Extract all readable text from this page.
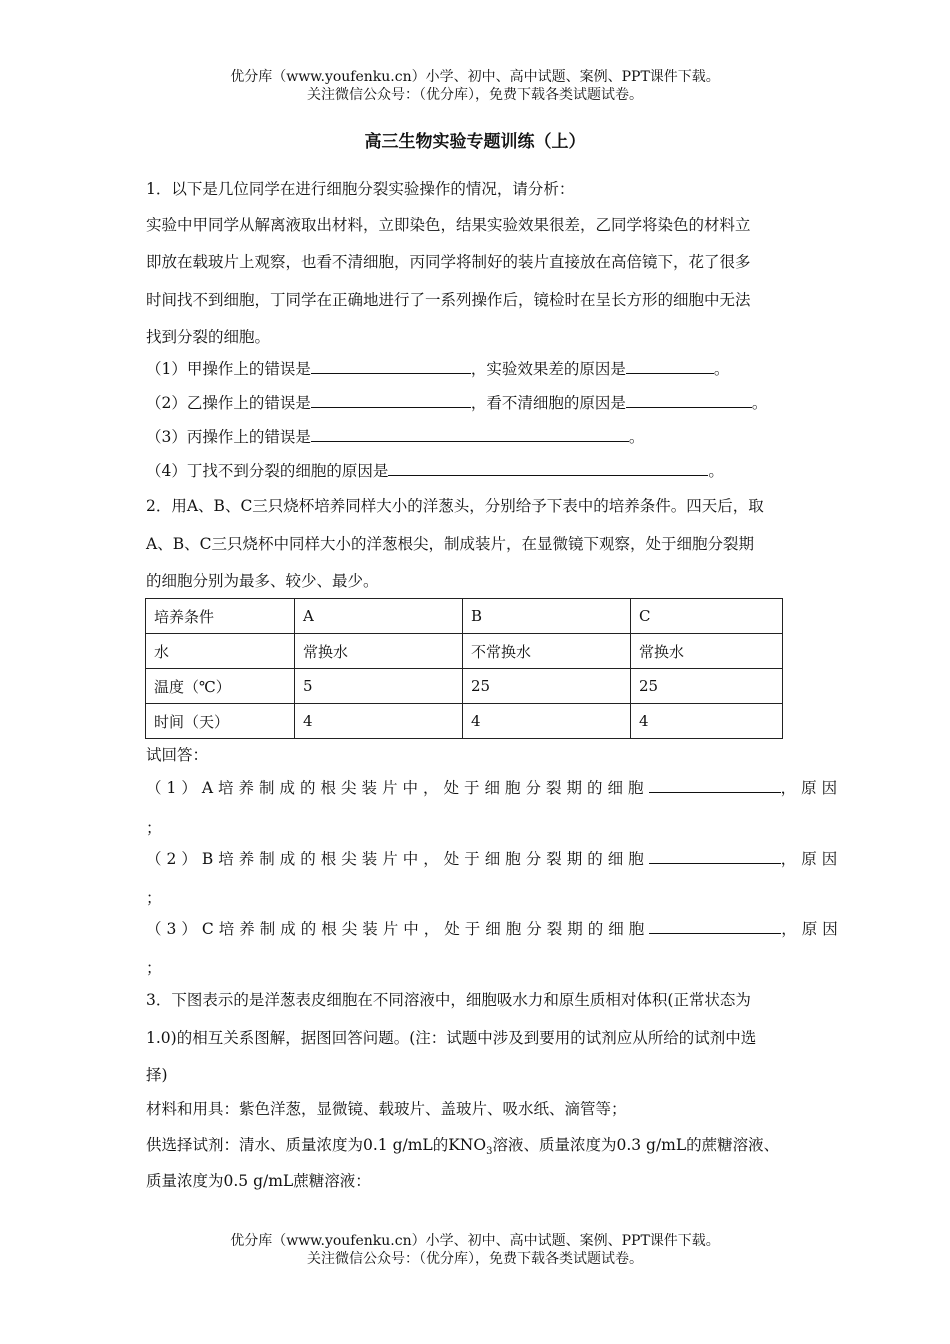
优分库（www.youfenku.cn）小学、初中、高中试题、案例、PPT课件下载。
关注微信公众号：（优分库），免费下载各类试题试卷。
高三生物实验专题训练（上）
1．以下是几位同学在进行细胞分裂实验操作的情况，请分析：
实验中甲同学从解离液取出材料，立即染色，结果实验效果很差，乙同学将染色的材料立
即放在载玻片上观察，也看不清细胞，丙同学将制好的装片直接放在高倍镜下，花了很多
时间找不到细胞，丁同学在正确地进行了一系列操作后，镜检时在呈长方形的细胞中无法
找到分裂的细胞。
（1）甲操作上的错误是	，实验效果差的原因是	。
（2）乙操作上的错误是	，看不清细胞的原因是	。
（3）丙操作上的错误是	。
（4）丁找不到分裂的细胞的原因是	。
2．用A、B、C三只烧杯培养同样大小的洋葱头，分别给予下表中的培养条件。四天后，取
A、B、C三只烧杯中同样大小的洋葱根尖，制成装片，在显微镜下观察，处于细胞分裂期
的细胞分别为最多、较少、最少。
培养条件	A	B	C
水	常换水	不常换水	常换水
温度（℃）	5	25	25
时间（天）	4	4	4
试回答：
（1）A培养制成的根尖装片中，处于细胞分裂期的细胞	，原因
；
（2）B培养制成的根尖装片中，处于细胞分裂期的细胞	，原因
；
（3）C培养制成的根尖装片中，处于细胞分裂期的细胞	，原因
；
3．下图表示的是洋葱表皮细胞在不同溶液中，细胞吸水力和原生质相对体积(正常状态为
1.0)的相互关系图解，据图回答问题。(注：试题中涉及到要用的试剂应从所给的试剂中选
择)
材料和用具：紫色洋葱，显微镜、载玻片、盖玻片、吸水纸、滴管等；
供选择试剂：清水、质量浓度为0.1 g/mL的$KNO_3$溶液、质量浓度为0.3 g/mL的蔗糖溶液、
质量浓度为0.5 g/mL蔗糖溶液：
优分库（www.youfenku.cn）小学、初中、高中试题、案例、PPT课件下载。
关注微信公众号：（优分库），免费下载各类试题试卷。
